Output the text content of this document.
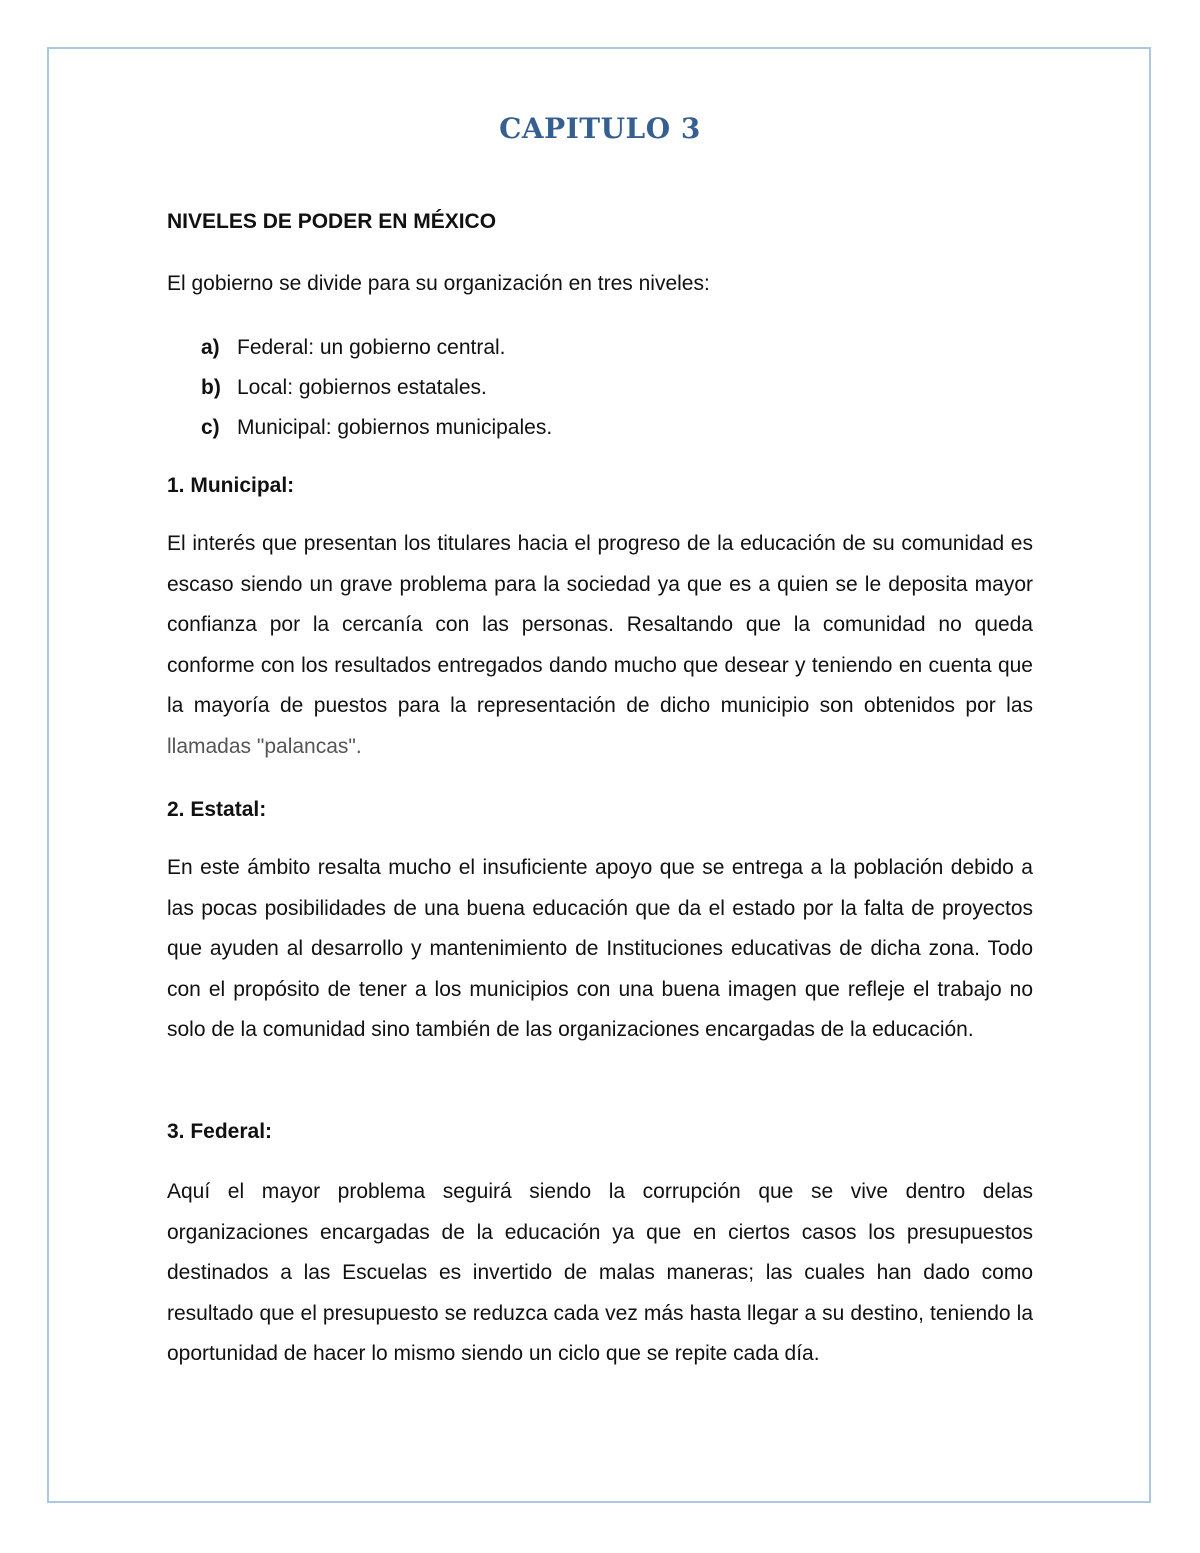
CAPITULO 3
NIVELES DE PODER EN MÉXICO

El gobierno se divide para su organización en tres niveles:

a) Federal: un gobierno central.
b) Local: gobiernos estatales.
c) Municipal: gobiernos municipales.
1. Municipal:

El interés que presentan los titulares hacia el progreso de la educación de su comunidad es escaso siendo un grave problema para la sociedad ya que es a quien se le deposita mayor confianza por la cercanía con las personas. Resaltando que la comunidad no queda conforme con los resultados entregados dando mucho que desear y teniendo en cuenta que la mayoría de puestos para la representación de dicho municipio son obtenidos por las llamadas "palancas".

2. Estatal:

En este ámbito resalta mucho el insuficiente apoyo que se entrega a la población debido a las pocas posibilidades de una buena educación que da el estado por la falta de proyectos que ayuden al desarrollo y mantenimiento de Instituciones educativas de dicha zona. Todo con el propósito de tener a los municipios con una buena imagen que refleje el trabajo no solo de la comunidad sino también de las organizaciones encargadas de la educación.

3. Federal:

Aquí el mayor problema seguirá siendo la corrupción que se vive dentro delas organizaciones encargadas de la educación ya que en ciertos casos los presupuestos destinados a las Escuelas es invertido de malas maneras; las cuales han dado como resultado que el presupuesto se reduzca cada vez más hasta llegar a su destino, teniendo la oportunidad de hacer lo mismo siendo un ciclo que se repite cada día.
